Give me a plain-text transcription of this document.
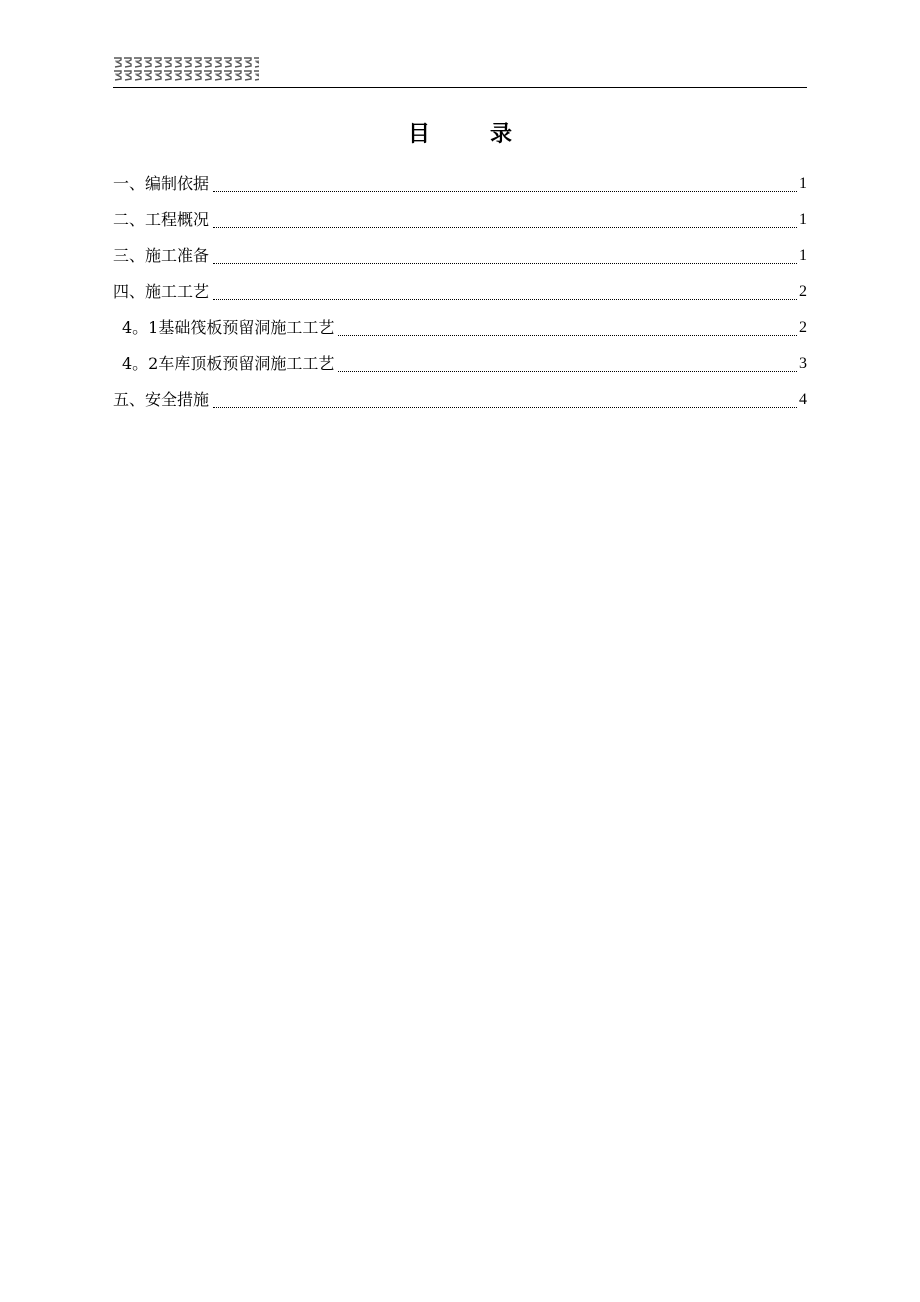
目录
一、编制依据	1
二、工程概况	1
三、施工准备	1
四、施工工艺	2
4。1基础筏板预留洞施工工艺	2
4。2车库顶板预留洞施工工艺	3
五、安全措施	4
